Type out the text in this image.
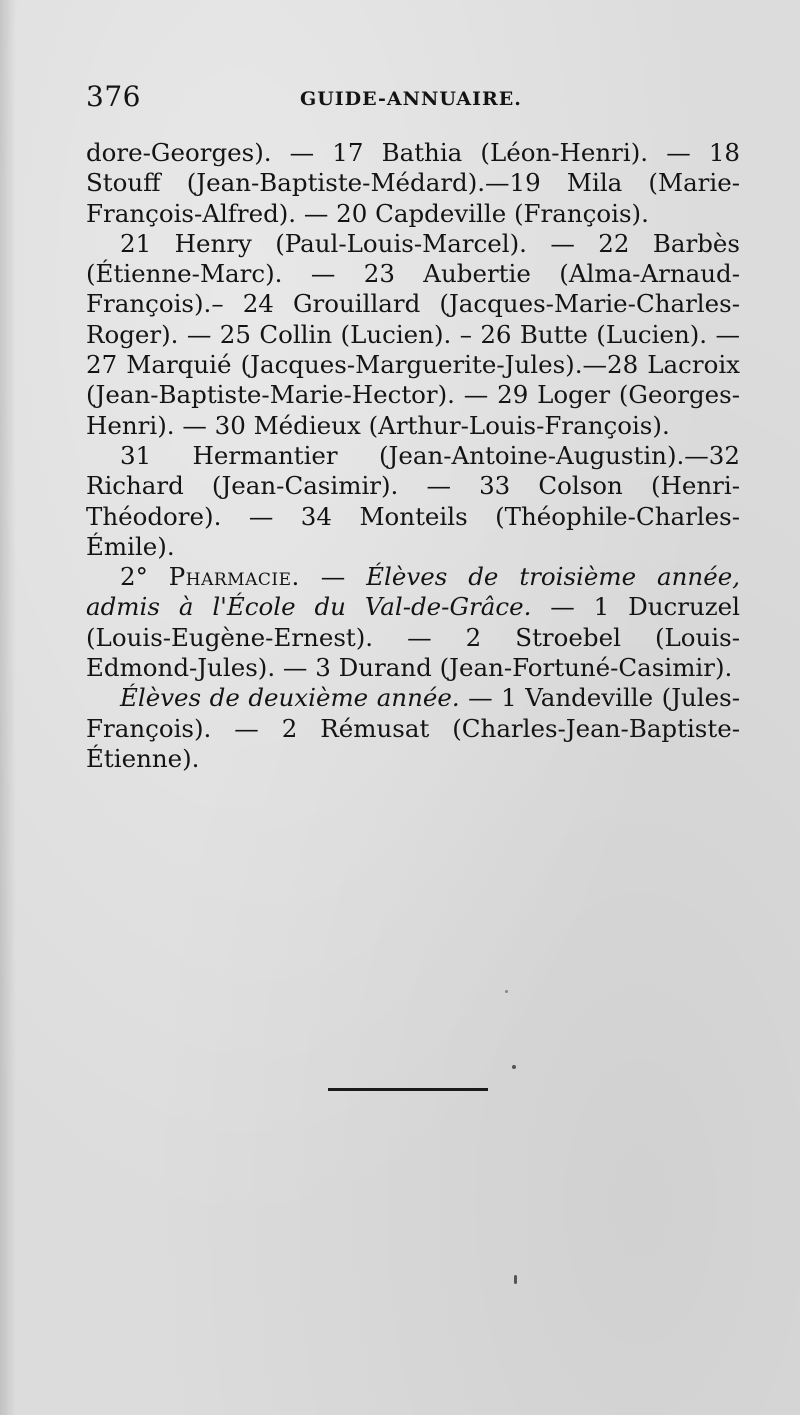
376	GUIDE-ANNUAIRE.

dore-Georges). — 17 Bathia (Léon-Henri). — 18 Stouff (Jean-Baptiste-Médard).—19 Mila (Marie-François-Alfred). — 20 Capdeville (François).

21 Henry (Paul-Louis-Marcel). — 22 Barbès (Étienne-Marc). — 23 Aubertie (Alma-Arnaud-François).– 24 Grouillard (Jacques-Marie-Charles-Roger). — 25 Collin (Lucien). – 26 Butte (Lucien). — 27 Marquié (Jacques-Marguerite-Jules).—28 Lacroix (Jean-Baptiste-Marie-Hector). — 29 Loger (Georges-Henri). — 30 Médieux (Arthur-Louis-François).

31 Hermantier (Jean-Antoine-Augustin).—32 Richard (Jean-Casimir). — 33 Colson (Henri-Théodore). — 34 Monteils (Théophile-Charles-Émile).

2° Pharmacie. — Élèves de troisième année, admis à l'École du Val-de-Grâce. — 1 Ducruzel (Louis-Eugène-Ernest). — 2 Stroebel (Louis-Edmond-Jules). — 3 Durand (Jean-Fortuné-Casimir).

Élèves de deuxième année. — 1 Vandeville (Jules-François). — 2 Rémusat (Charles-Jean-Baptiste-Étienne).
